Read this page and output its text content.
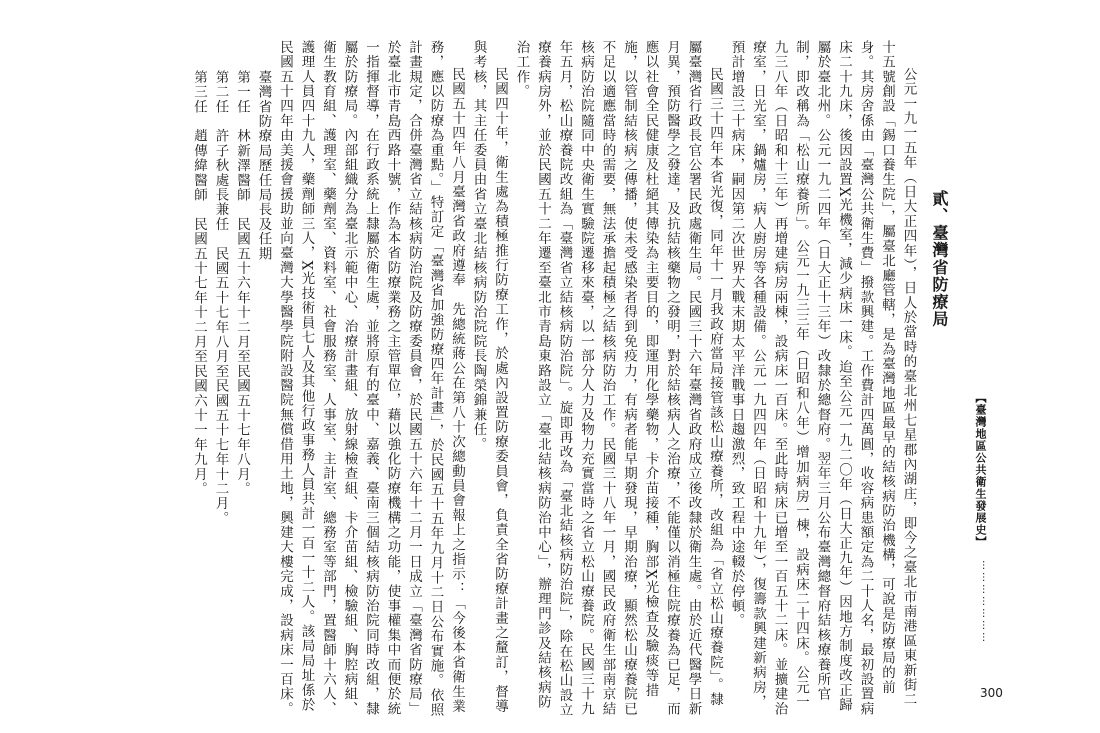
【臺灣地區公共衛生發展史】
…………………
300

貳、臺灣省防療局

公元一九一五年（日大正四年），日人於當時的臺北州七星郡內湖庄，即今之臺北市南港區東新街二十五號創設「錫口養生院」，屬臺北廳管轄，是為臺灣地區最早的結核病防治機構，可說是防療局的前身。其房舍係由「臺灣公共衛生費」撥款興建。工作費計四萬圓，收容病患額定為二十人名，最初設置病床二十九床，後因設置X光機室，減少病床一床。迨至公元一九二〇年（日大正九年）因地方制度改正歸屬於臺北州。公元一九二四年（日大正十三年）改隸於總督府。翌年三月公布臺灣總督府結核療養所官制，即改稱為「松山療養所」。公元一九三三年（日昭和八年）增加病房一棟，設病床二十四床。公元一九三八年（日昭和十三年）再增建病房兩棟，設病床一百床。至此時病床已增至一百五十二床。並擴建治療室，日光室，鍋爐房，病人廚房等各種設備。公元一九四四年（日昭和十九年），復籌款興建新病房，預計增設三十病床，嗣因第二次世界大戰末期太平洋戰事日趨激烈，致工程中途輟於停頓。

民國三十四年本省光復，同年十一月我政府當局接管該松山療養所，改組為「省立松山療養院」。隸屬臺灣省行政長官公署民政處衛生局。民國三十六年臺灣省政府成立後改隸於衛生處。由於近代醫學日新月異，預防醫學之發達，及抗結核藥物之發明，對於結核病人之治療，不能僅以消極住院療養為已足，而應以社會全民健康及杜絕其傳染為主要目的，即運用化學藥物，卡介苗接種，胸部X光檢查及驗痰等措施，以管制結核病之傳播，使未受感染者得到免疫力，有病者能早期發現，早期治療，顯然松山療養院已不足以適應當時的需要，無法承擔起積極之結核病防治工作。民國三十八年一月，國民政府衛生部南京結核病防治院隨同中央衛生實驗院遷移來臺，以一部分人力及物力充實當時之省立松山療養院。民國三十九年五月，松山療養院改組為「臺灣省立結核病防治院」。旋即再改為「臺北結核病防治院」，除在松山設立療養病房外，並於民國五十二年遷至臺北市青島東路設立「臺北結核病防治中心」，辦理門診及結核病防治工作。

民國四十年，衛生處為積極推行防療工作，於處內設置防療委員會，負責全省防療計畫之釐訂，督導與考核，其主任委員由省立臺北結核病防治院院長陶榮錦兼任。

民國五十四年八月臺灣省政府遵奉　先總統蔣公在第八十次總動員會報上之指示：「今後本省衛生業務，應以防療為重點。」特訂定「臺灣省加強防療四年計畫」，於民國五十五年九月十二日公布實施。依照計畫規定，合併臺灣省立結核病防治院及防療委員會，於民國五十六年十二月一日成立「臺灣省防療局」於臺北市青島西路十號，作為本省防療業務之主管單位，藉以強化防療機構之功能，使事權集中而便於統一指揮督導，在行政系統上隸屬於衛生處，並將原有的臺中、嘉義、臺南三個結核病防治院同時改組，隸屬於防療局。內部組織分為臺北示範中心、治療計畫組、放射線檢查組、卡介苗組、檢驗組、胸腔病組、衛生教育組、護理室、藥劑室、資料室、社會服務室、人事室、主計室、總務室等部門，置醫師十六人、護理人員四十九人，藥劑師三人，X光技術員七人及其他行政事務人員共計一百一十二人。該局局址係於民國五十四年由美援會援助並向臺灣大學醫學院附設醫院無償借用土地，興建大樓完成，設病床一百床。

臺灣省防療局歷任局長及任期

第一任　林新澤醫師　民國五十六年十二月至民國五十七年八月。

第二任　許子秋處長兼任　民國五十七年八月至民國五十七年十二月。

第三任　趙傳緯醫師　民國五十七年十二月至民國六十一年九月。
